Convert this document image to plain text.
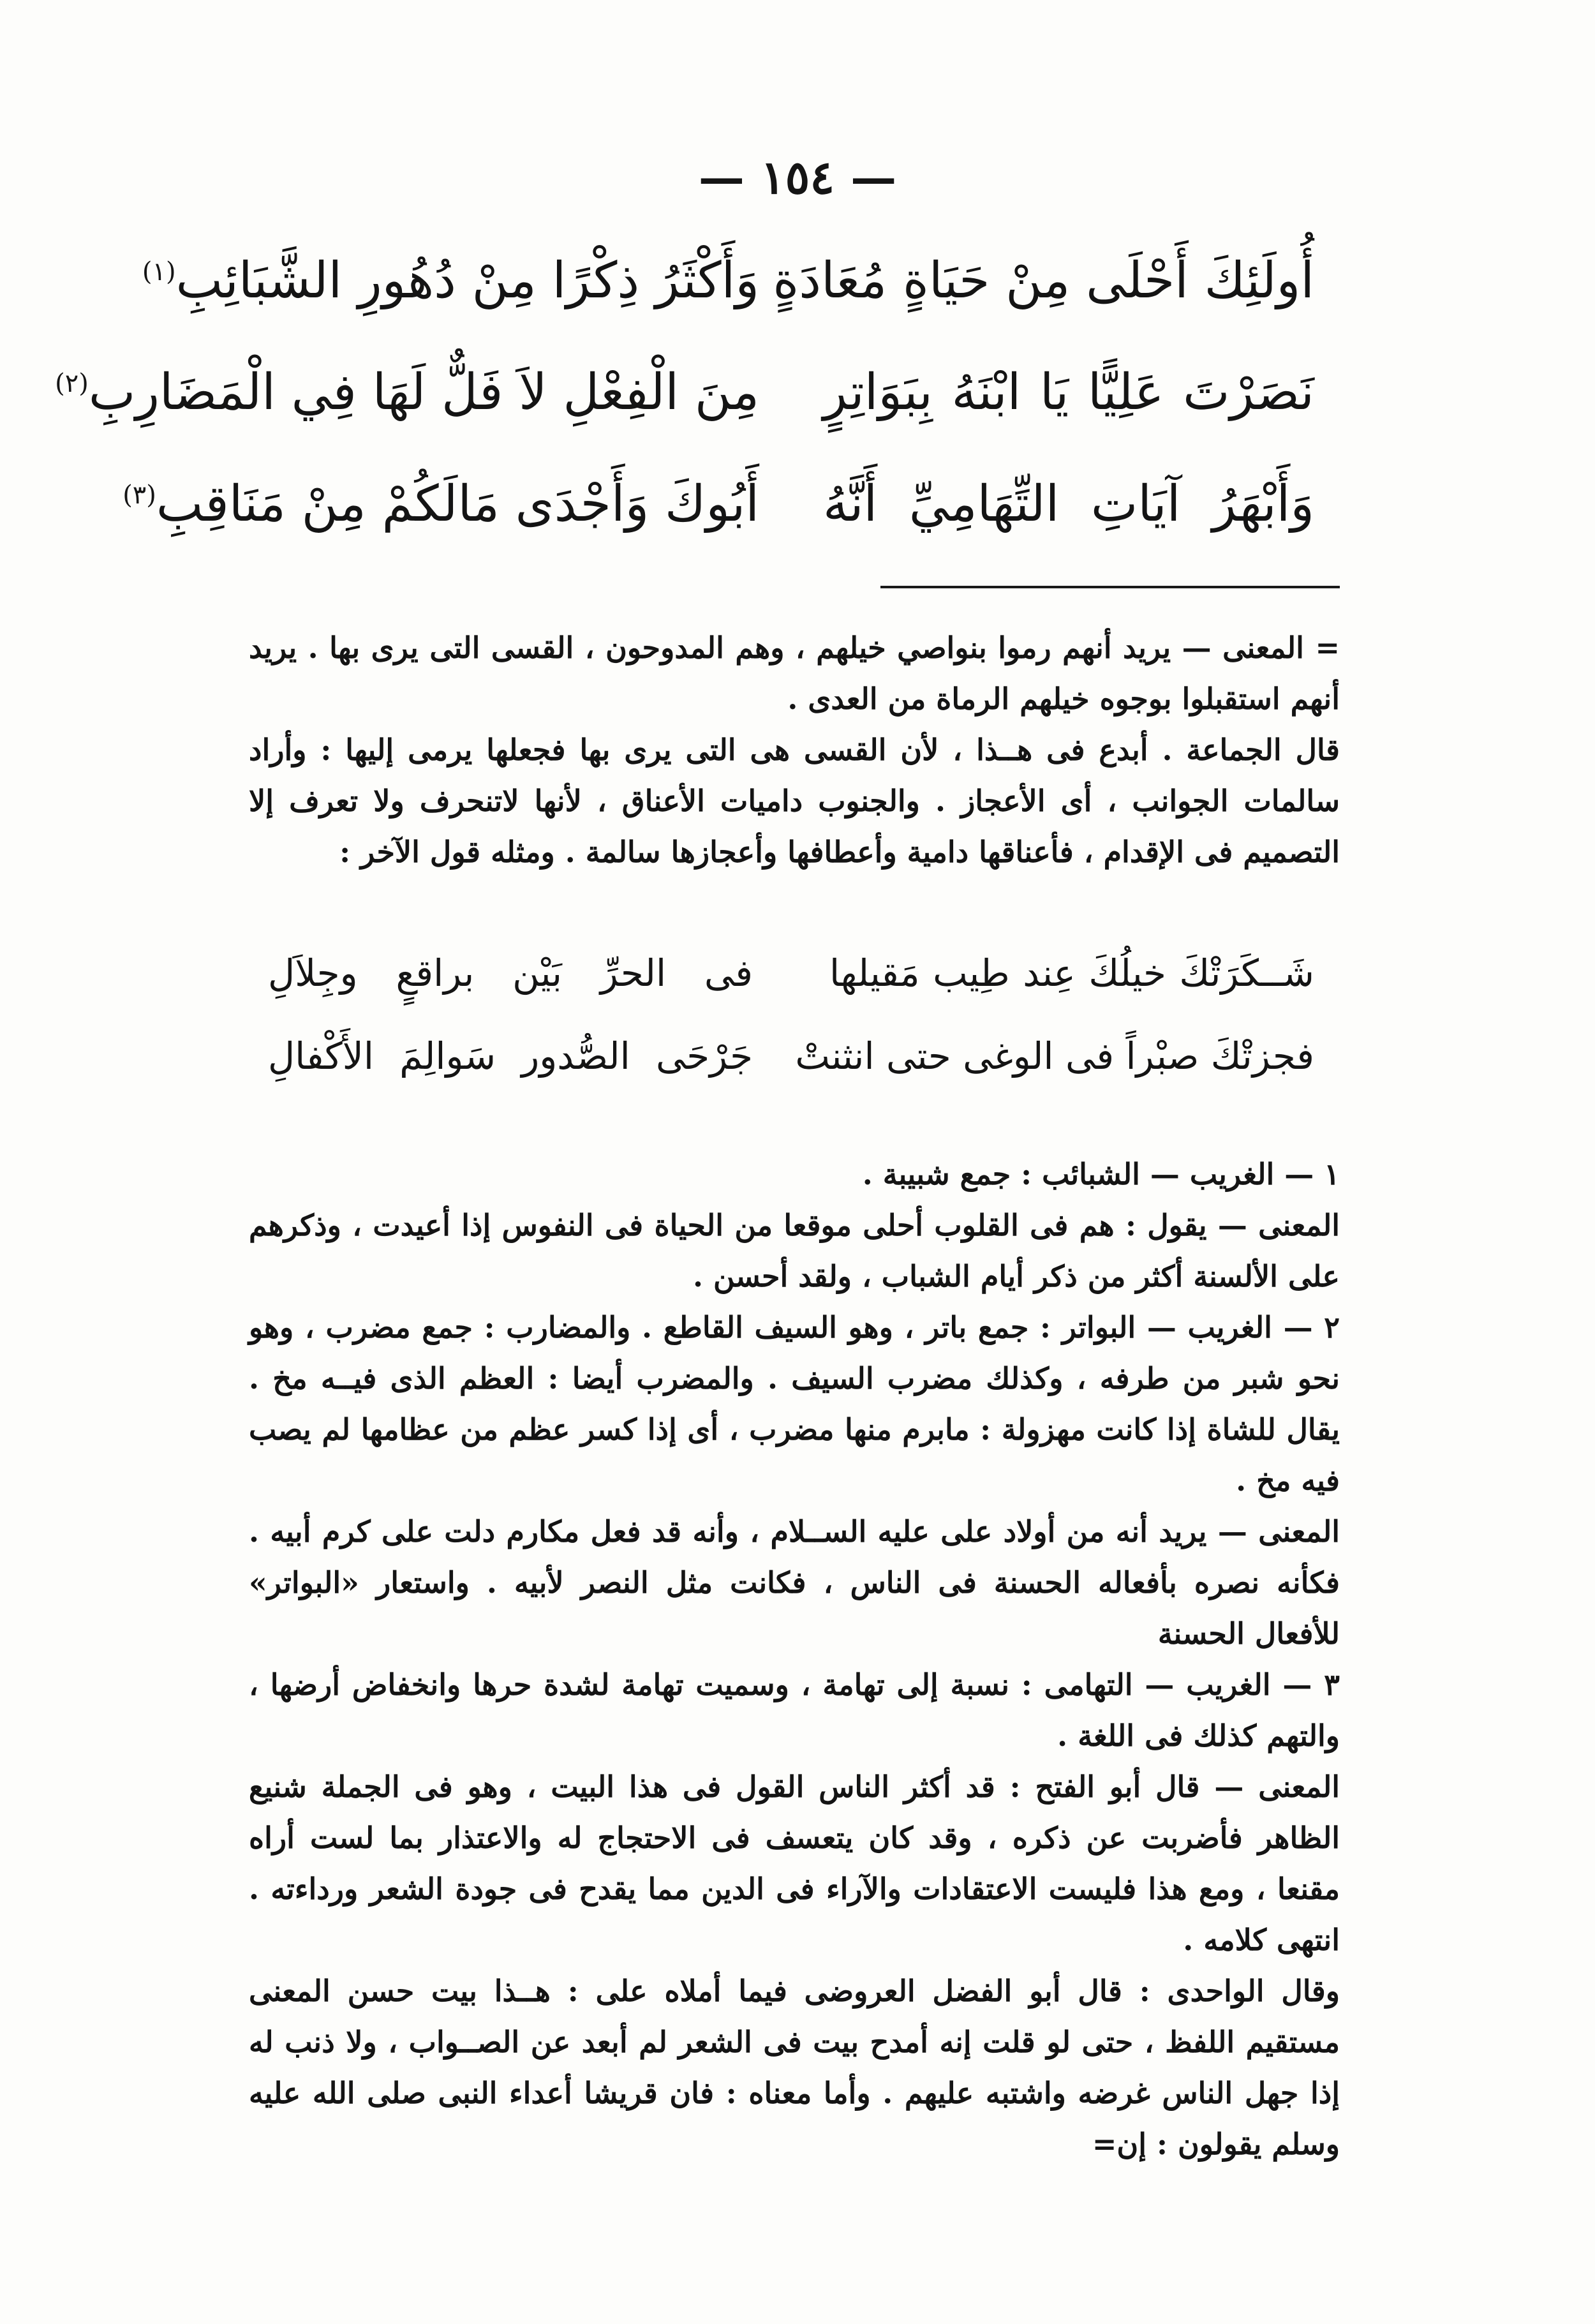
— ١٥٤ —
أُولَئِكَ أَحْلَى مِنْ حَيَاةٍ مُعَادَةٍ
وَأَكْثَرُ ذِكْرًا مِنْ دُهُورِ الشَّبَائِبِ$^{(١)}$
نَصَرْتَ عَلِيًّا يَا ابْنَهُ بِبَوَاتِرٍ
مِنَ الْفِعْلِ لاَ فَلٌّ لَهَا فِي الْمَضَارِبِ$^{(٢)}$
وَأَبْهَرُ آيَاتِ التِّهَامِيِّ أَنَّهُ
أَبُوكَ وَأَجْدَى مَالَكُمْ مِنْ مَنَاقِبِ$^{(٣)}$

= المعنى — يريد أنهم رموا بنواصي خيلهم ، وهم المدوحون ، القسى التى يرى بها . يريد أنهم استقبلوا بوجوه خيلهم الرماة من العدى .

قال الجماعة . أبدع فى هــذا ، لأن القسى هى التى يرى بها فجعلها يرمى إليها : وأراد سالمات الجوانب ، أى الأعجاز . والجنوب داميات الأعناق ، لأنها لاتنحرف ولا تعرف إلا التصميم فى الإقدام ، فأعناقها دامية وأعطافها وأعجازها سالمة . ومثله قول الآخر :

شَــكَرَتْكَ خيلُكَ عِند طِيب مَقيلها
فى الحرِّ بَيْن براقعٍ وجِلاَلِ
فجزتْكَ صبْراً فى الوغى حتى انثنتْ
جَرْحَى الصُّدور سَوالِمَ الأَكْفالِ

١ — الغريب — الشبائب : جمع شبيبة .

المعنى — يقول : هم فى القلوب أحلى موقعا من الحياة فى النفوس إذا أعيدت ، وذكرهم على الألسنة أكثر من ذكر أيام الشباب ، ولقد أحسن .

٢ — الغريب — البواتر : جمع باتر ، وهو السيف القاطع . والمضارب : جمع مضرب ، وهو نحو شبر من طرفه ، وكذلك مضرب السيف . والمضرب أيضا : العظم الذى فيــه مخ . يقال للشاة إذا كانت مهزولة : مابرم منها مضرب ، أى إذا كسر عظم من عظامها لم يصب فيه مخ .

المعنى — يريد أنه من أولاد على عليه الســلام ، وأنه قد فعل مكارم دلت على كرم أبيه . فكأنه نصره بأفعاله الحسنة فى الناس ، فكانت مثل النصر لأبيه . واستعار «البواتر» للأفعال الحسنة

٣ — الغريب — التهامى : نسبة إلى تهامة ، وسميت تهامة لشدة حرها وانخفاض أرضها ، والتهم كذلك فى اللغة .

المعنى — قال أبو الفتح : قد أكثر الناس القول فى هذا البيت ، وهو فى الجملة شنيع الظاهر فأضربت عن ذكره ، وقد كان يتعسف فى الاحتجاج له والاعتذار بما لست أراه مقنعا ، ومع هذا فليست الاعتقادات والآراء فى الدين مما يقدح فى جودة الشعر ورداءته . انتهى كلامه .

وقال الواحدى : قال أبو الفضل العروضى فيما أملاه على : هــذا بيت حسن المعنى مستقيم اللفظ ، حتى لو قلت إنه أمدح بيت فى الشعر لم أبعد عن الصــواب ، ولا ذنب له إذا جهل الناس غرضه واشتبه عليهم . وأما معناه : فان قريشا أعداء النبى صلى الله عليه وسلم يقولون : إن=
